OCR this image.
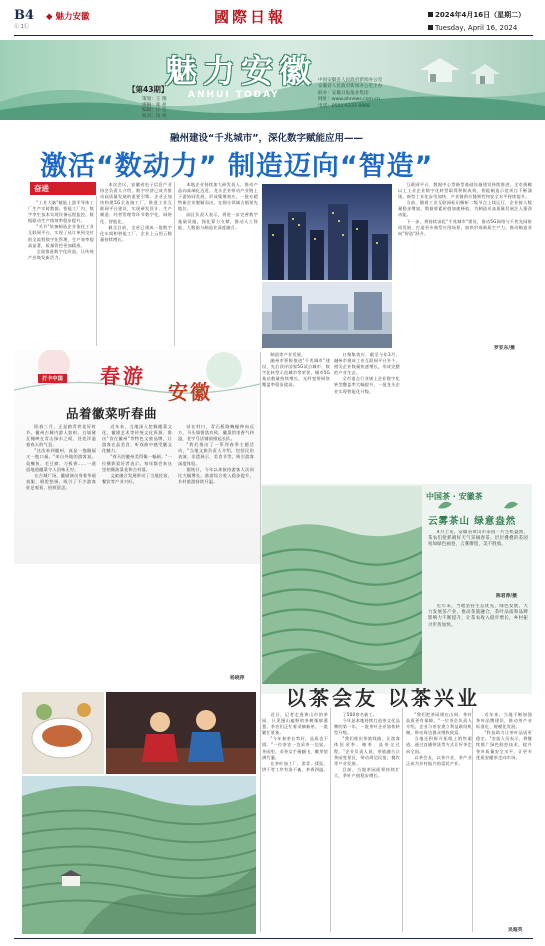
B4
Ⓛ 1Ⓛ
◆ 魅力安徽	國際日報	2024年4月16日（星期二）
Tuesday, April 16, 2024
魅力安徽
ANHUI TODAY
中国安徽省人民政府新闻办公室
安徽省人民政府新闻办公室主办
联办：安徽日报报业集团
网址：www.ahnews.com.cn
电话：0551-6333 8888
【第43期】
策划：王 翔
审稿：张 亮
编辑：汪 莹
校对：钱 爽
融州建设“千兆城市”，深化数字赋能应用——
激活“数动力” 制造迈向“智造”
奋进

"工业大脑"赋能上游半导体工厂生产实时数据。智能工厂内，数字孪生技术实现设备远程监控，数据驱动生产线效率稳步提升。

"关节"装备制造企业依托工业互联网平台，实现了从订单到交付的全流程数字化管理，生产效率提高显著，质量管控更加精准。

全面推进数字化改造，让传统产业焕发新活力。

本次会议，安徽省电子信息产业协会负责人介绍，数字经济已成为推动高质量发展的重要引擎。企业正加快构建5G全连接工厂，推进工业互联网平台建设，实现研发设计、生产制造、经营管理等环节数字化、网络化、智能化。

截至目前，全省已建成一批数字化车间和智能工厂，企业上云用云数量持续增长。

本地企业持续加大研发投入，推动产品向高端化迈进。龙头企业带动产业链上下游协同发展，形成集聚效应。一批专精特新企业脱颖而出，在细分领域占据领先地位。

园区负责人表示，将进一步完善数字基础设施，强化算力支撑，推动人工智能、大数据与制造业深度融合。

互联网平台、数据中心等新型基础设施建设持续推进，全市规模以上工业企业数字化转型取得积极成效，智能制造示范项目不断涌现。新型工业化步伐加快，产业链供应链韧性和安全水平持续提升。

当前，随着工业互联网标识解析二级节点上线运行，企业接入数量稳步增加，数据要素价值加速释放，为制造业高质量发展注入强劲动能。

下一步，将持续深化"千兆城市"建设，推动5G网络与千兆光网协同发展，打造更多典型应用场景，加快形成新质生产力，推动制造业向"智造"跃升。

罗亚东/摄

制造等产业发展。

融州市积极推进"千兆城市"建设，先后获评国家5G试点城市、数字化转型示范城市等荣誉，城市5G基站数量持续增长，光纤宽带网络覆盖率稳步提高。

口聚集效应，截至今年3月，融州市建成工业互联网平台多个，相关企业数量快速增长，形成完整的产业生态。

全市重点行业规上企业数字化转型覆盖率大幅提升，一批龙头企业实现智能化升级。

打卡中国 春游
安徽
品着徽菜听春曲

阳春三月，正是踏青赏花好时节。徽州古城内游人如织，白墙黛瓦掩映在青山绿水之间，处处洋溢着春天的气息。

"这次来到徽州，真是一饱眼福又一饱口福。"来自外地的游客说。臭鳜鱼、毛豆腐、刀板香……一道道地道徽菜令人回味无穷。

在古城广场，徽剧演员身着华丽戏服，唱腔悠扬，吸引了不少游客驻足观看，拍照留念。

近年来，当地深入挖掘徽菜文化、徽剧艺术等传统文化资源，推出"食在徽州"等特色文旅品牌，让游客在品美食、听戏曲中感受徽文化魅力。

"春天的徽州美得像一幅画。"一位摄影爱好者表示，每年都会来这里拍摄油菜花和古村落。

文旅融合发展带动了当地民宿、餐饮等产业兴旺。

站在村口，青石板路蜿蜒伸向远方，马头墙错落有致。徽菜馆里香气四溢，老字号店铺前排起长队。

"我们推出了一系列春季主题活动，"当地文旅负责人介绍，包括民俗表演、非遗展示、美食节等，吸引游客深度体验。

据统计，今年以来接待游客人次同比大幅增长，旅游综合收入稳步提升，乡村旅游持续升温。

杨晓萍
中国茶 · 安徽茶
云雾茶山 绿意盎然

4月上旬，安徽省黄山市茶园一片生机盎然，茶农们抢抓晴好天气采摘春茶。层层叠叠的茶园宛如绿色画卷，云雾缭绕，美不胜收。

陈君萍/摄

近年来，当地坚持生态优先、绿色发展，大力发展茶产业，推动茶旅融合，茶叶品质和品牌影响力不断提升，让茶农收入稳步增长，乡村振兴步伐加快。

以茶会友 以茶兴业

近日，记者走进黄山市的茶园，只见漫山遍野的茶树郁郁葱葱，茶农们正忙着采摘新茶，一派繁忙景象。

"今年春茶长势好，品质也不错。"一位茶农一边采茶一边说。茶园里，采茶女手指翻飞，嫩芽装满竹篓。

在茶叶加工厂，杀青、揉捻、烘干等工序有条不紊，茶香四溢。

了500余名新工。

今年是本地持续打造茶文化品牌的第一年，一批茶叶企业加快转型升级。

"我们推出茶旅线路，让游客体验采茶、制茶、品茶全过程。"企业负责人说，茶旅融合让茶园变景区，带动周边民宿、餐饮等产业发展。

目前，当地茶园面积持续扩大，茶叶产值稳步增长。

"我们把茶园建在山间，茶叶品质更有保障。"一位茶企负责人介绍，企业与茶农建立利益联结机制，带动周边群众增收致富。

当地还积极开拓线上销售渠道，通过直播带货等方式让好茶走向全国。

以茶会友，以茶兴业，茶产业正成为乡村振兴的富民产业。

近年来，当地不断加强茶叶品牌建设，推动茶产业标准化、规模化发展。

"科技助力让茶叶品质更稳定。"农技人员表示，将继续推广绿色防控技术，提升茶叶质量安全水平，让更多优质安徽茶走向市场。

吴超英
